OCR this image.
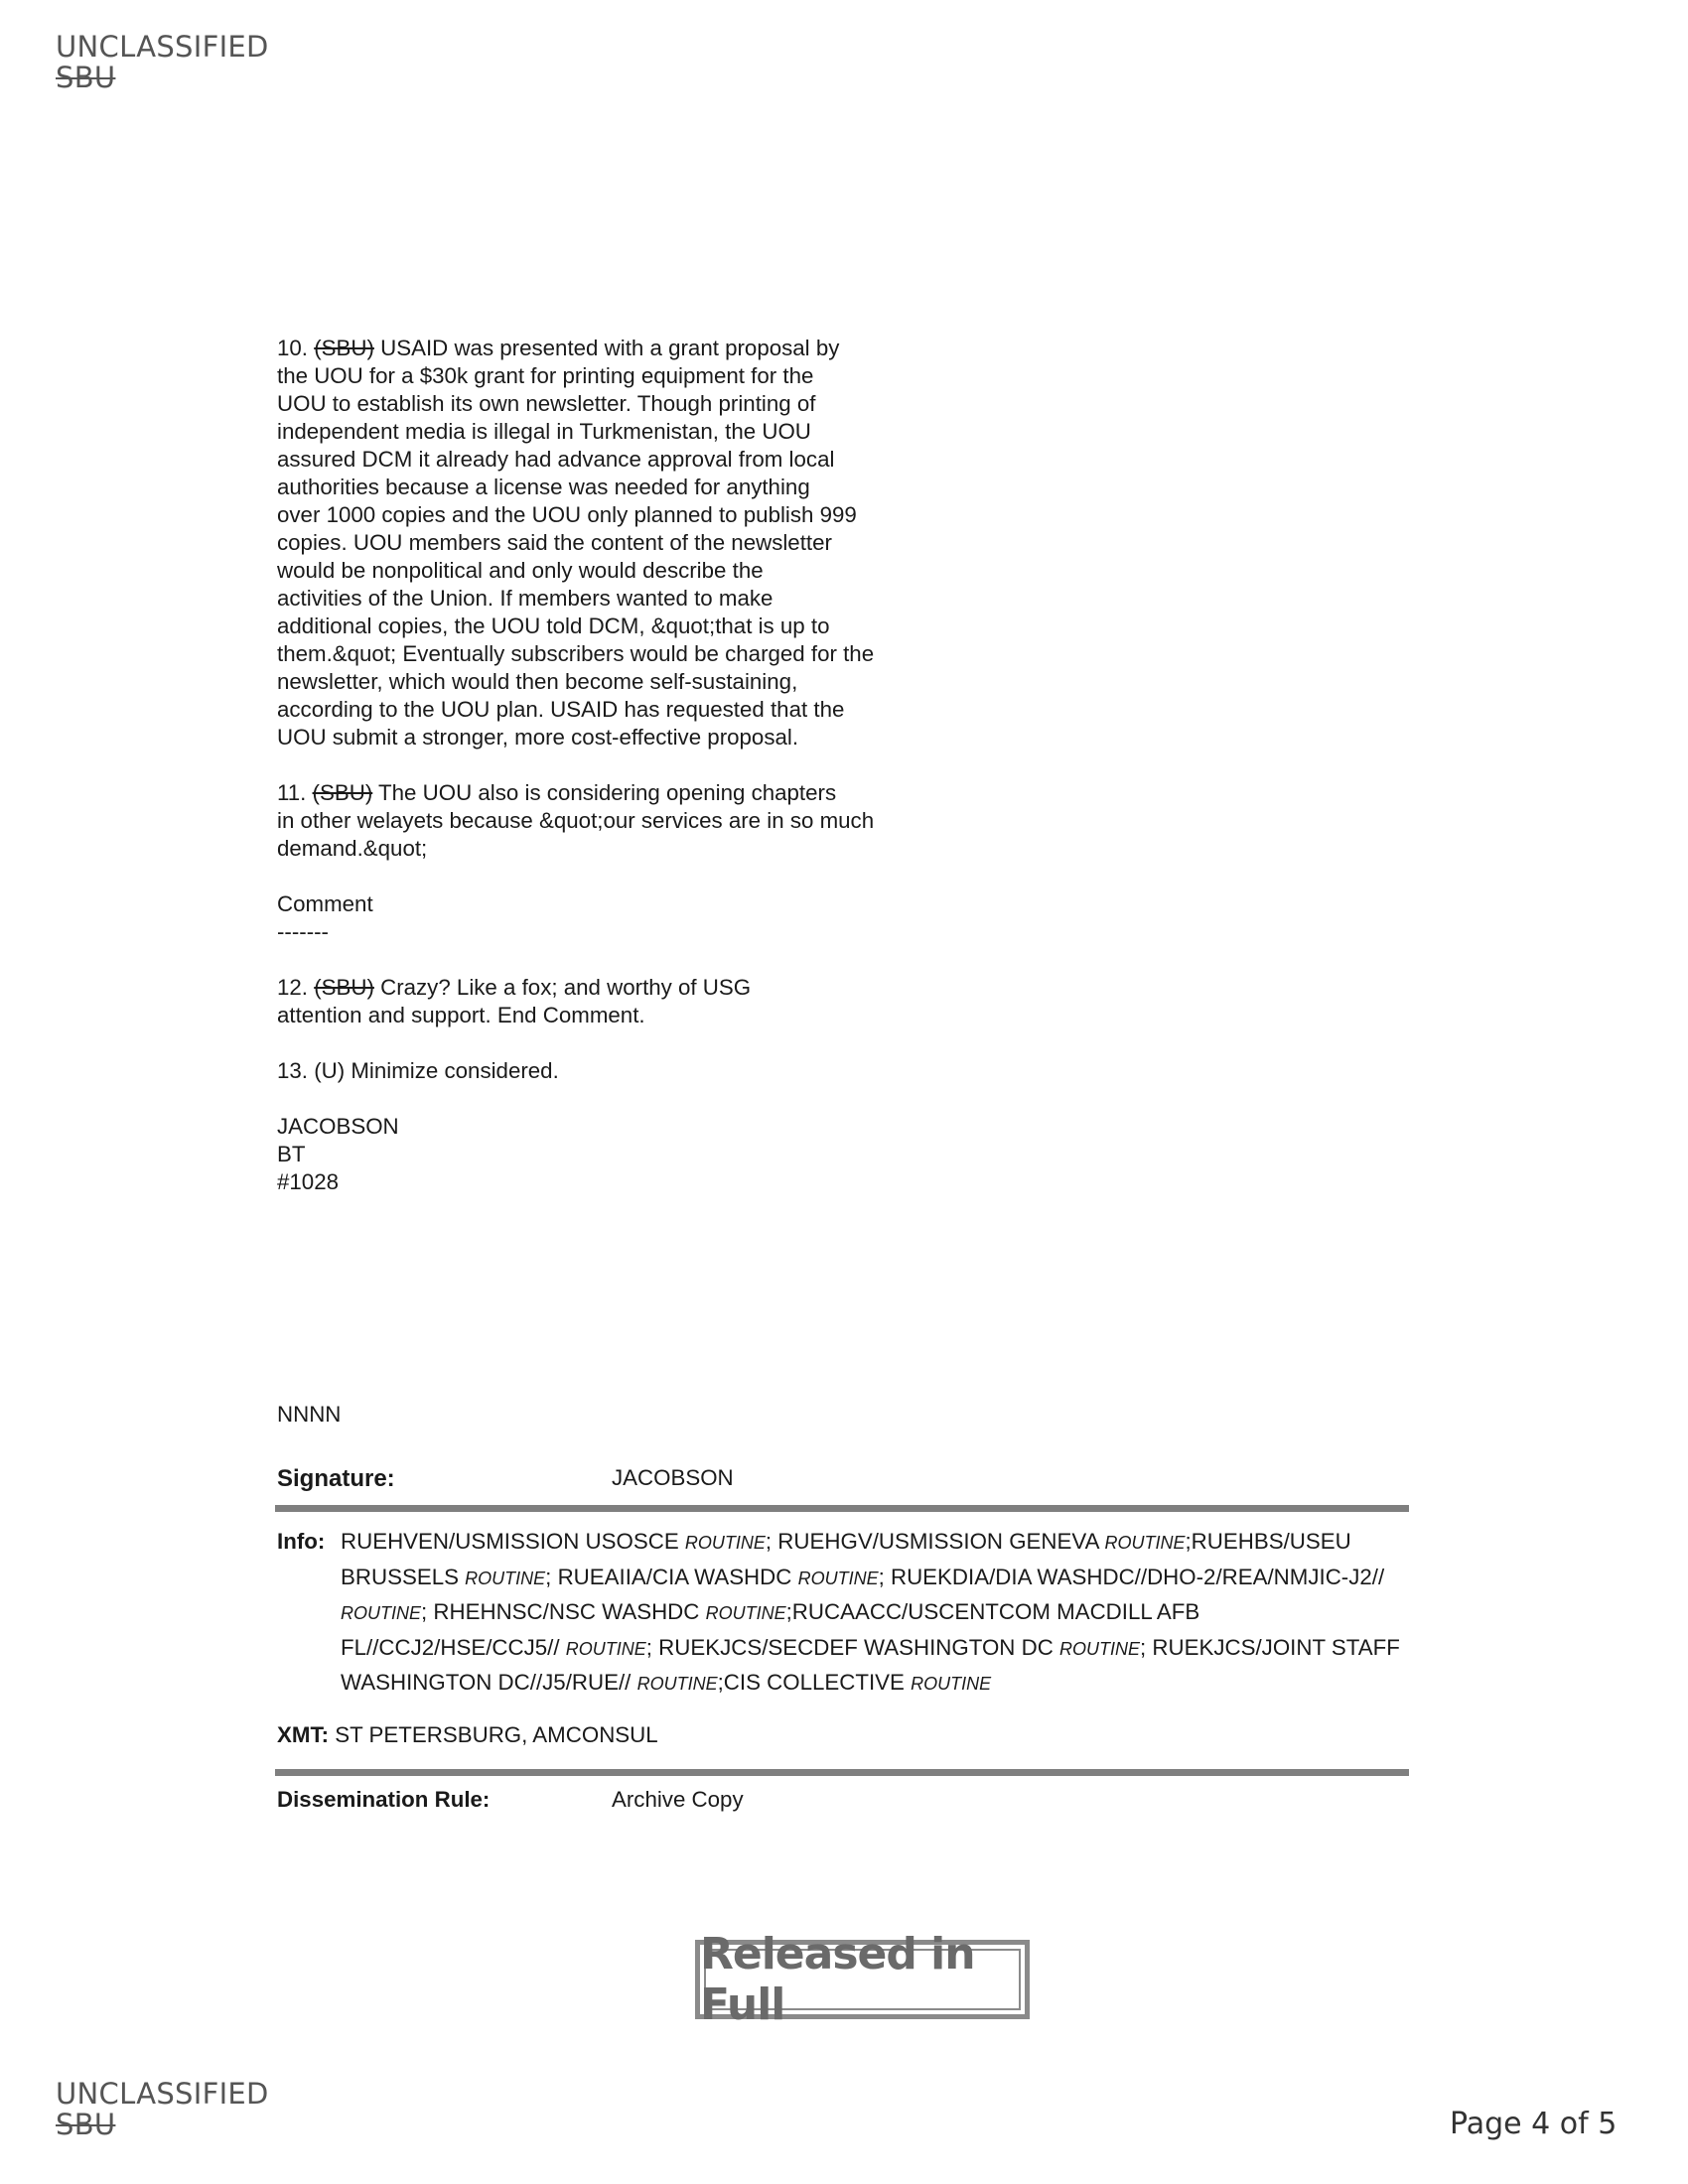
UNCLASSIFIED
SBU

10. (SBU) USAID was presented with a grant proposal by
the UOU for a $30k grant for printing equipment for the
UOU to establish its own newsletter. Though printing of
independent media is illegal in Turkmenistan, the UOU
assured DCM it already had advance approval from local
authorities because a license was needed for anything
over 1000 copies and the UOU only planned to publish 999
copies. UOU members said the content of the newsletter
would be nonpolitical and only would describe the
activities of the Union. If members wanted to make
additional copies, the UOU told DCM, &quot;that is up to
them.&quot; Eventually subscribers would be charged for the
newsletter, which would then become self-sustaining,
according to the UOU plan. USAID has requested that the
UOU submit a stronger, more cost-effective proposal.

11. (SBU) The UOU also is considering opening chapters
in other welayets because &quot;our services are in so much
demand.&quot;

Comment
-------

12. (SBU) Crazy? Like a fox; and worthy of USG
attention and support. End Comment.

13. (U) Minimize considered.

JACOBSON
BT
#1028

NNNN
Signature:	JACOBSON
Info: RUEHVEN/USMISSION USOSCE ROUTINE; RUEHGV/USMISSION GENEVA ROUTINE;RUEHBS/USEU BRUSSELS ROUTINE; RUEAIIA/CIA WASHDC ROUTINE; RUEKDIA/DIA WASHDC//DHO-2/REA/NMJIC-J2// ROUTINE; RHEHNSC/NSC WASHDC ROUTINE;RUCAACC/USCENTCOM MACDILL AFB FL//CCJ2/HSE/CCJ5// ROUTINE; RUEKJCS/SECDEF WASHINGTON DC ROUTINE; RUEKJCS/JOINT STAFF WASHINGTON DC//J5/RUE// ROUTINE;CIS COLLECTIVE ROUTINE
XMT: ST PETERSBURG, AMCONSUL
Dissemination Rule:	Archive Copy
Released in Full
UNCLASSIFIED
SBU	Page 4 of 5
